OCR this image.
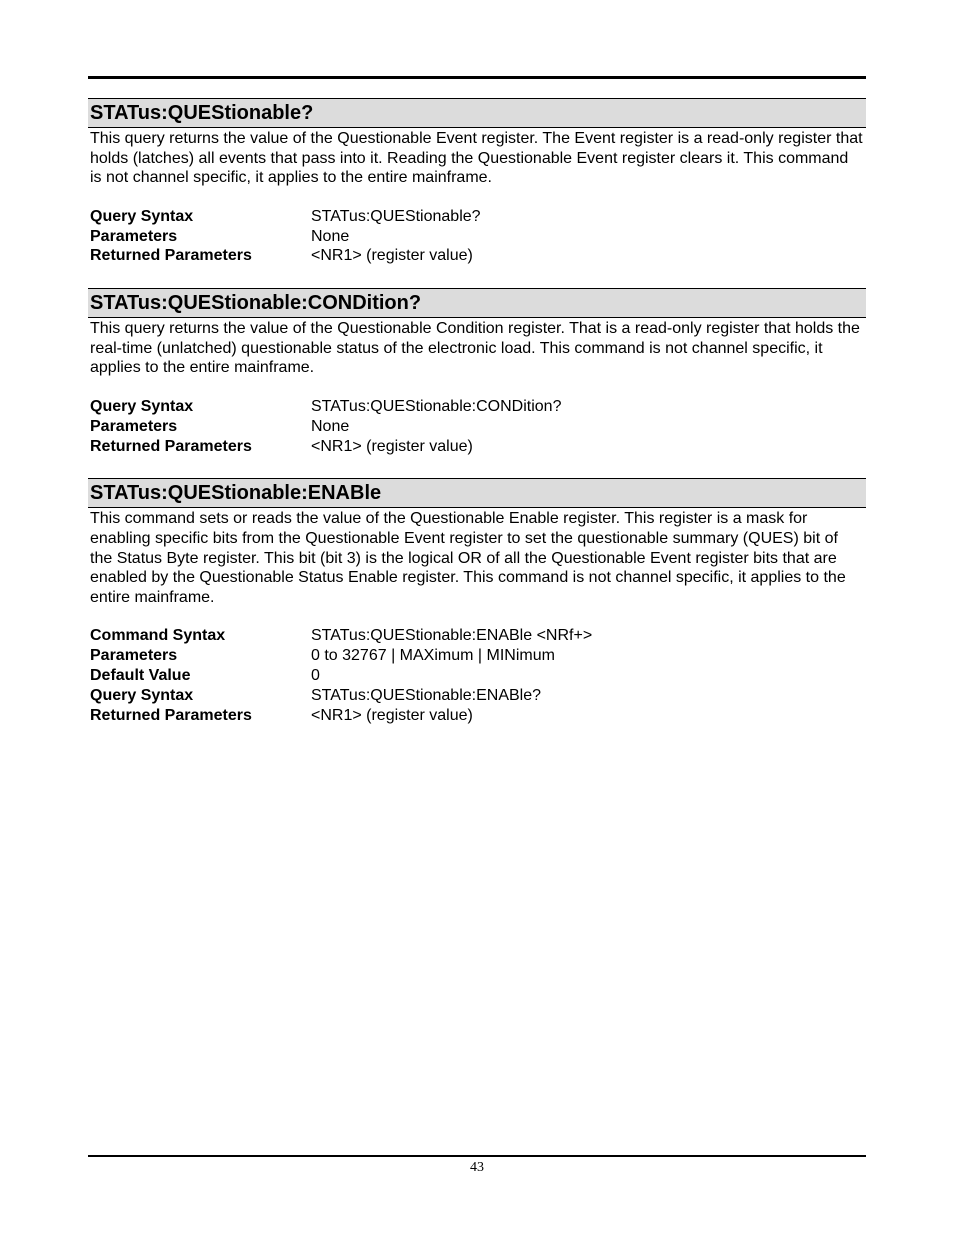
STATus:QUEStionable?

This query returns the value of the Questionable Event register. The Event register is a read-only register that holds (latches) all events that pass into it. Reading the Questionable Event register clears it. This command is not channel specific, it applies to the entire mainframe.

Query Syntax	STATus:QUEStionable?
Parameters	None
Returned Parameters	<NR1> (register value)
STATus:QUEStionable:CONDition?

This query returns the value of the Questionable Condition register. That is a read-only register that holds the real-time (unlatched) questionable status of the electronic load. This command is not channel specific, it applies to the entire mainframe.

Query Syntax	STATus:QUEStionable:CONDition?
Parameters	None
Returned Parameters	<NR1> (register value)
STATus:QUEStionable:ENABle

This command sets or reads the value of the Questionable Enable register. This register is a mask for enabling specific bits from the Questionable Event register to set the questionable summary (QUES) bit of the Status Byte register. This bit (bit 3) is the logical OR of all the Questionable Event register bits that are enabled by the Questionable Status Enable register. This command is not channel specific, it applies to the entire mainframe.

Command Syntax	STATus:QUEStionable:ENABle <NRf+>
Parameters	0 to 32767 | MAXimum | MINimum
Default Value	0
Query Syntax	STATus:QUEStionable:ENABle?
Returned Parameters	<NR1> (register value)
43
